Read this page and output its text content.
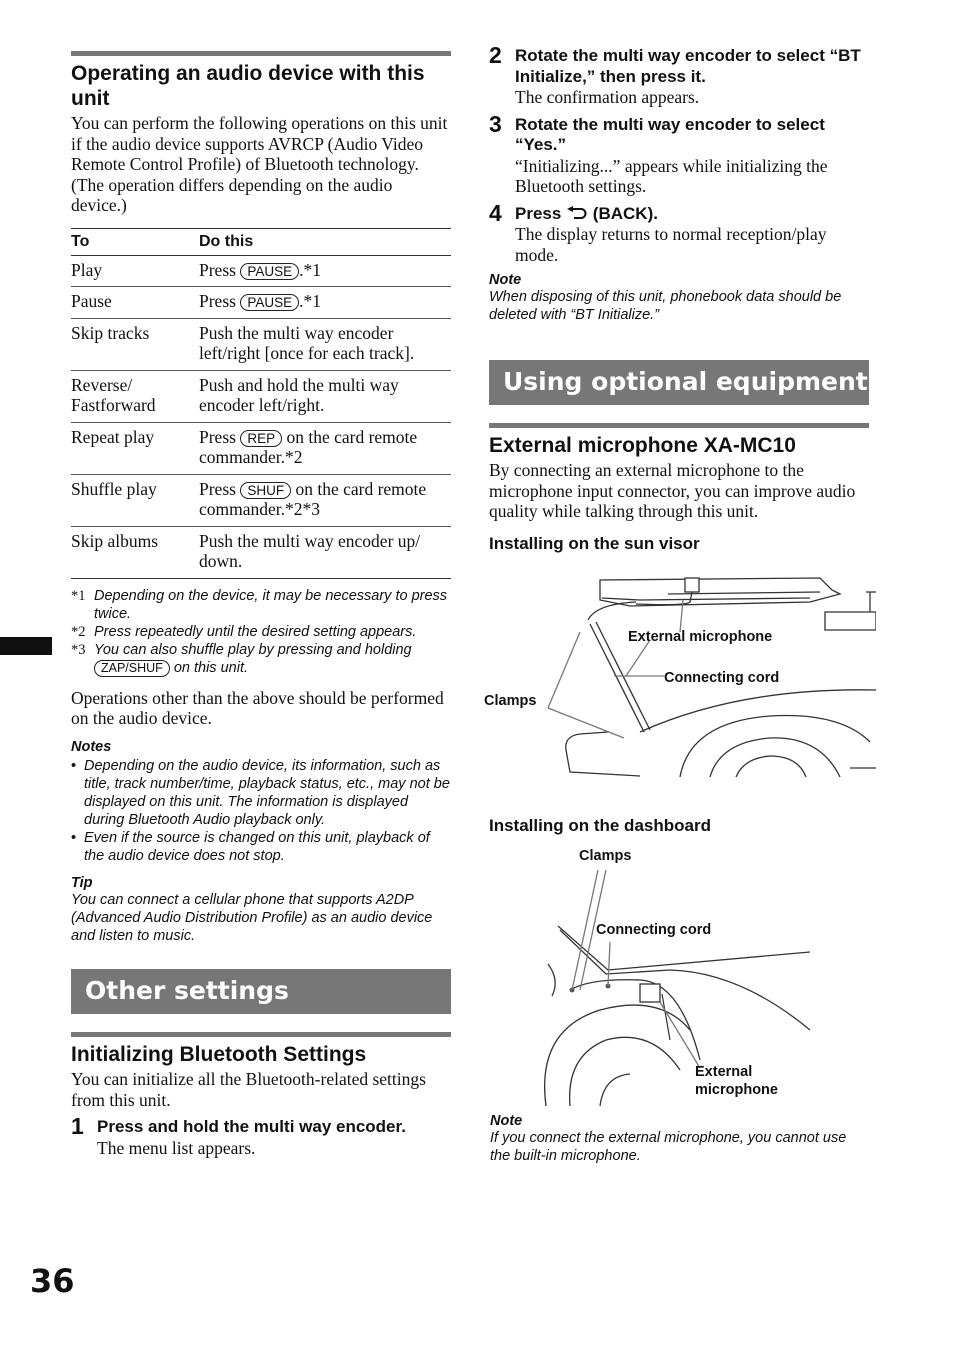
Operating an audio device with this unit
You can perform the following operations on this unit if the audio device supports AVRCP (Audio Video Remote Control Profile) of Bluetooth technology. (The operation differs depending on the audio device.)
To	Do this
Play	Press PAUSE .*1
Pause	Press PAUSE .*1
Skip tracks	Push the multi way encoder left/right [once for each track].
Reverse/ Fastforward	Push and hold the multi way encoder left/right.
Repeat play	Press REP on the card remote commander.*2
Shuffle play	Press SHUF on the card remote commander.*2*3
Skip albums	Push the multi way encoder up/ down.
*1 Depending on the device, it may be necessary to press twice.
*2 Press repeatedly until the desired setting appears.
*3 You can also shuffle play by pressing and holding
ZAP/SHUF on this unit.
Operations other than the above should be performed on the audio device.
Notes
• Depending on the audio device, its information, such as title, track number/time, playback status, etc., may not be displayed on this unit. The information is displayed during Bluetooth Audio playback only.
• Even if the source is changed on this unit, playback of the audio device does not stop.
Tip
You can connect a cellular phone that supports A2DP (Advanced Audio Distribution Profile) as an audio device and listen to music.
Other settings
Initializing Bluetooth Settings
You can initialize all the Bluetooth-related settings from this unit.
1 Press and hold the multi way encoder.
The menu list appears.
2 Rotate the multi way encoder to select “BT Initialize,” then press it.
The confirmation appears.
3 Rotate the multi way encoder to select “Yes.”
“Initializing...” appears while initializing the Bluetooth settings.
4 Press (BACK).
The display returns to normal reception/play mode.
Note
When disposing of this unit, phonebook data should be deleted with “BT Initialize.”
Using optional equipment
External microphone XA-MC10
By connecting an external microphone to the microphone input connector, you can improve audio quality while talking through this unit.
Installing on the sun visor
External microphone
Connecting cord
Clamps
Installing on the dashboard
Clamps
Connecting cord
External
microphone
Note
If you connect the external microphone, you cannot use the built-in microphone.
36
